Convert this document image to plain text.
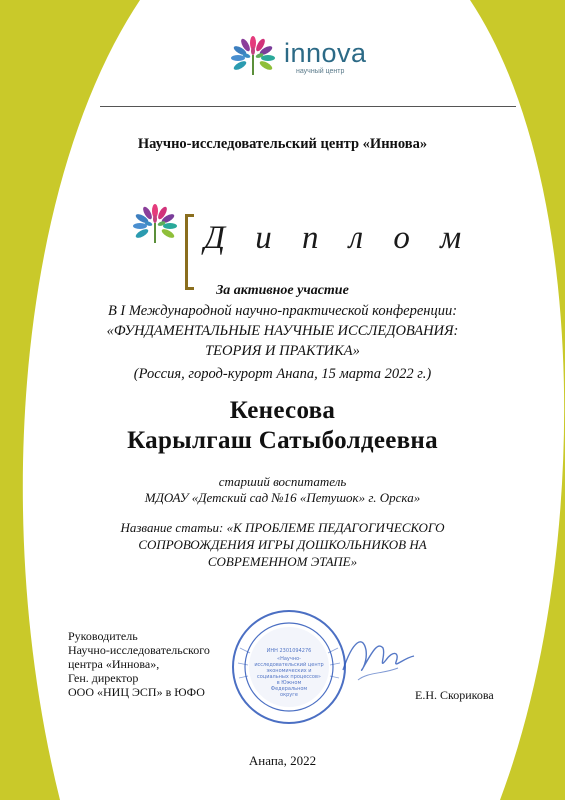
innova
научный центр
Научно-исследовательский центр «Иннова»
Д и п л о м
За активное участие
В I Международной научно-практической конференции:
«ФУНДАМЕНТАЛЬНЫЕ НАУЧНЫЕ ИССЛЕДОВАНИЯ:
ТЕОРИЯ И ПРАКТИКА»
(Россия, город-курорт Анапа, 15 марта 2022 г.)
Кенесова
Карылгаш Сатыболдеевна
старший воспитатель
МДОАУ «Детский сад №16 «Петушок» г. Орска»
Название статьи: «К ПРОБЛЕМЕ ПЕДАГОГИЧЕСКОГО
СОПРОВОЖДЕНИЯ ИГРЫ ДОШКОЛЬНИКОВ НА
СОВРЕМЕННОМ ЭТАПЕ»
Руководитель
Научно-исследовательского
центра «Иннова»,
Ген. директор
ООО «НИЦ ЭСП» в ЮФО
ИНН 2301094276
«Научно-
исследовательский центр
экономических и
социальных процессов»
в Южном
Федеральном
округе	Е.Н. Скорикова
Анапа, 2022
